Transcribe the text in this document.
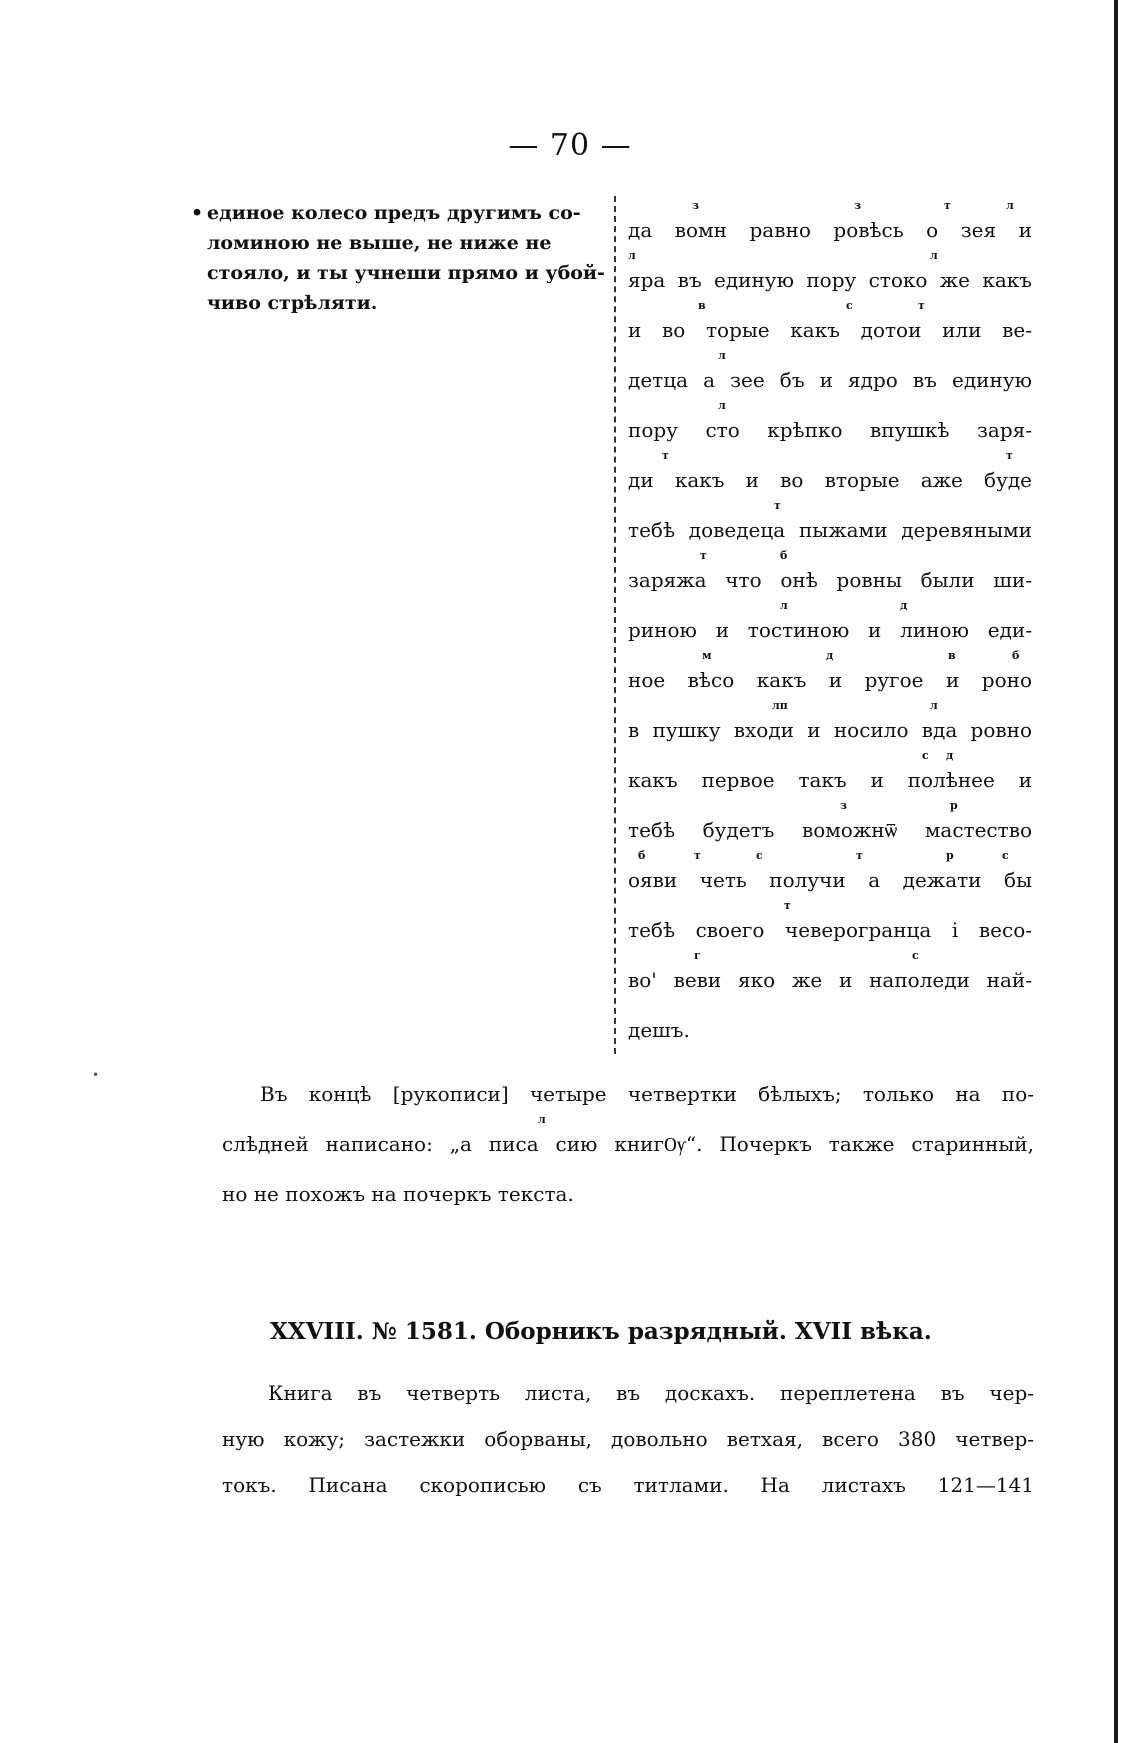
— 70 —
• единое колесо предъ другимъ со-
ломиною не выше, не ниже не
стояло, и ты учнеши прямо и убой-
чиво стрѣляти.
з	з	т	л
да вомн равно ровѣсь о зея и
л	л
яра въ единую пору стоко же какъ
в	с	т
и во торые какъ дотои или ве-
л
детца а зее бъ и ядро въ единую
л
пору сто крѣпко впушкѣ заря-
т	т
ди какъ и во вторые аже буде
т
тебѣ доведеца пыжами деревяными
т	б
заряжа что онѣ ровны были ши-
л	д
риною и тостиною и линою еди-
м	д	в	б
ное вѣсо какъ и ругое и роно
лп	л
в пушку входи и носило вда ровно
с д
какъ первое такъ и полѣнее и
з	р
тебѣ будетъ воможнѿ мастество
б	т	с	т	р	с
ояви четь получи а дежати бы
т
тебѣ своего чеверогранца і весо-
г	с
во' веви яко же и наполеди най-
дешъ.
Въ концѣ [рукописи] четыре четвертки бѣлыхъ; только на по-
л
слѣдней написано: „а писа сию книгѸ“. Почеркъ также старинный,
но не похожъ на почеркъ текста.
XXVIII. № 1581. Оборникъ разрядный. XVII вѣка.
Книга въ четверть листа, въ доскахъ. переплетена въ чер-
ную кожу; застежки оборваны, довольно ветхая, всего 380 четвер-
токъ. Писана скорописью съ титлами. На листахъ 121—141
•
